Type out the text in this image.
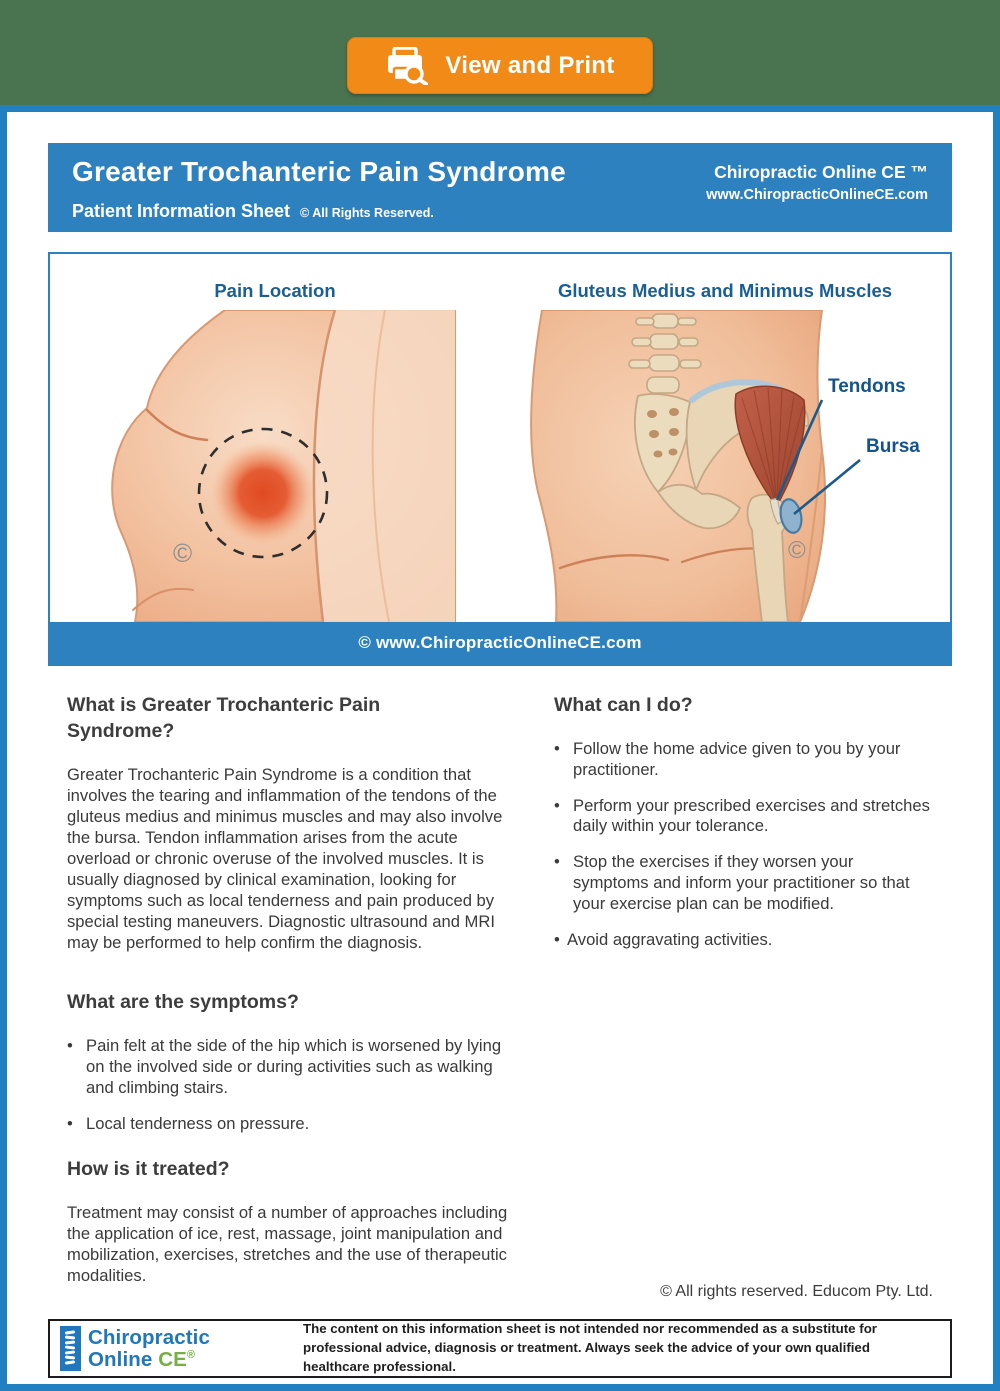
View and Print
Greater Trochanteric Pain Syndrome
Patient Information Sheet © All Rights Reserved.
Chiropractic Online CE ™
www.ChiropracticOnlineCE.com
Pain Location	Gluteus Medius and Minimus Muscles
©
Tendons
Bursa
©
© www.ChiropracticOnlineCE.com
What is Greater Trochanteric Pain Syndrome?

Greater Trochanteric Pain Syndrome is a condition that involves the tearing and inflammation of the tendons of the gluteus medius and minimus muscles and may also involve the bursa. Tendon inflammation arises from the acute overload or chronic overuse of the involved muscles. It is usually diagnosed by clinical examination, looking for symptoms such as local tenderness and pain produced by special testing maneuvers. Diagnostic ultrasound and MRI may be performed to help confirm the diagnosis.

What are the symptoms?
• Pain felt at the side of the hip which is worsened by lying on the involved side or during activities such as walking and climbing stairs.
• Local tenderness on pressure.
How is it treated?

Treatment may consist of a number of approaches including the application of ice, rest, massage, joint manipulation and mobilization, exercises, stretches and the use of therapeutic modalities.

What can I do?
• Follow the home advice given to you by your practitioner.
• Perform your prescribed exercises and stretches daily within your tolerance.
• Stop the exercises if they worsen your symptoms and inform your practitioner so that your exercise plan can be modified.
• Avoid aggravating activities.
© All rights reserved. Educom Pty. Ltd.
Chiropractic
Online CE®
The content on this information sheet is not intended nor recommended as a substitute for professional advice, diagnosis or treatment. Always seek the advice of your own qualified healthcare professional.
